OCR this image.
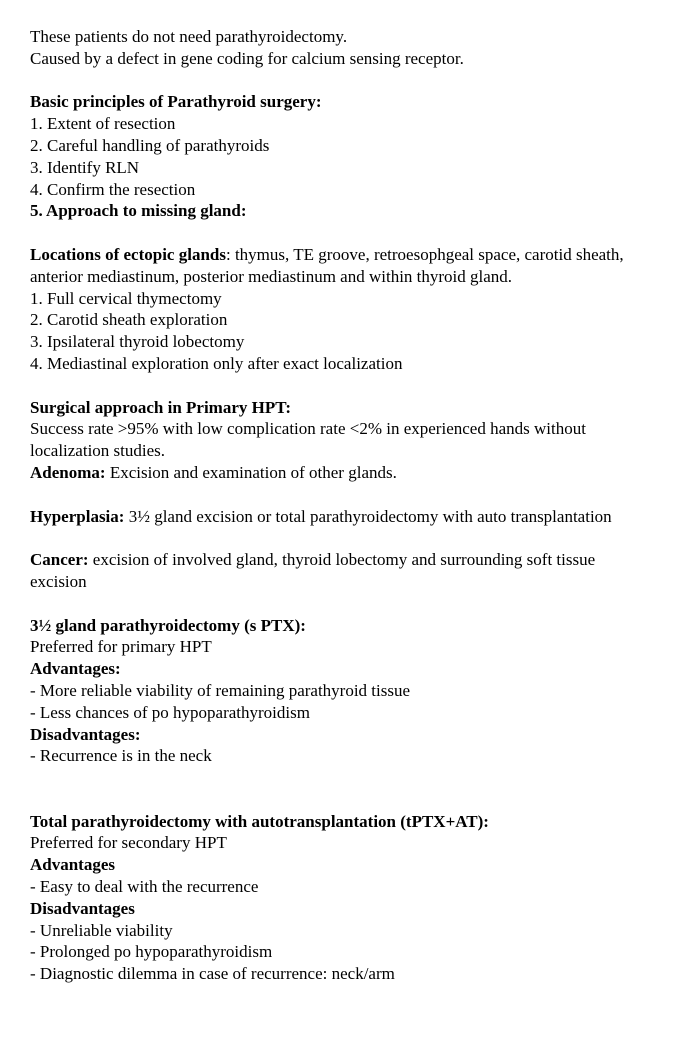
These patients do not need parathyroidectomy.
Caused by a defect in gene coding for calcium sensing receptor.
Basic principles of Parathyroid surgery:
1. Extent of resection
2. Careful handling of parathyroids
3. Identify RLN
4. Confirm the resection
5. Approach to missing gland:
Locations of ectopic glands: thymus, TE groove, retroesophgeal space, carotid sheath,
anterior mediastinum, posterior mediastinum and within thyroid gland.
1. Full cervical thymectomy
2. Carotid sheath exploration
3. Ipsilateral thyroid lobectomy
4. Mediastinal exploration only after exact localization
Surgical approach in Primary HPT:
Success rate >95% with low complication rate <2% in experienced hands without
localization studies.
Adenoma: Excision and examination of other glands.
Hyperplasia: 3½ gland excision or total parathyroidectomy with auto transplantation
Cancer: excision of involved gland, thyroid lobectomy and surrounding soft tissue
excision
3½ gland parathyroidectomy (s PTX):
Preferred for primary HPT
Advantages:
- More reliable viability of remaining parathyroid tissue
- Less chances of po hypoparathyroidism
Disadvantages:
- Recurrence is in the neck
Total parathyroidectomy with autotransplantation (tPTX+AT):
Preferred for secondary HPT
Advantages
- Easy to deal with the recurrence
Disadvantages
- Unreliable viability
- Prolonged po hypoparathyroidism
- Diagnostic dilemma in case of recurrence: neck/arm
